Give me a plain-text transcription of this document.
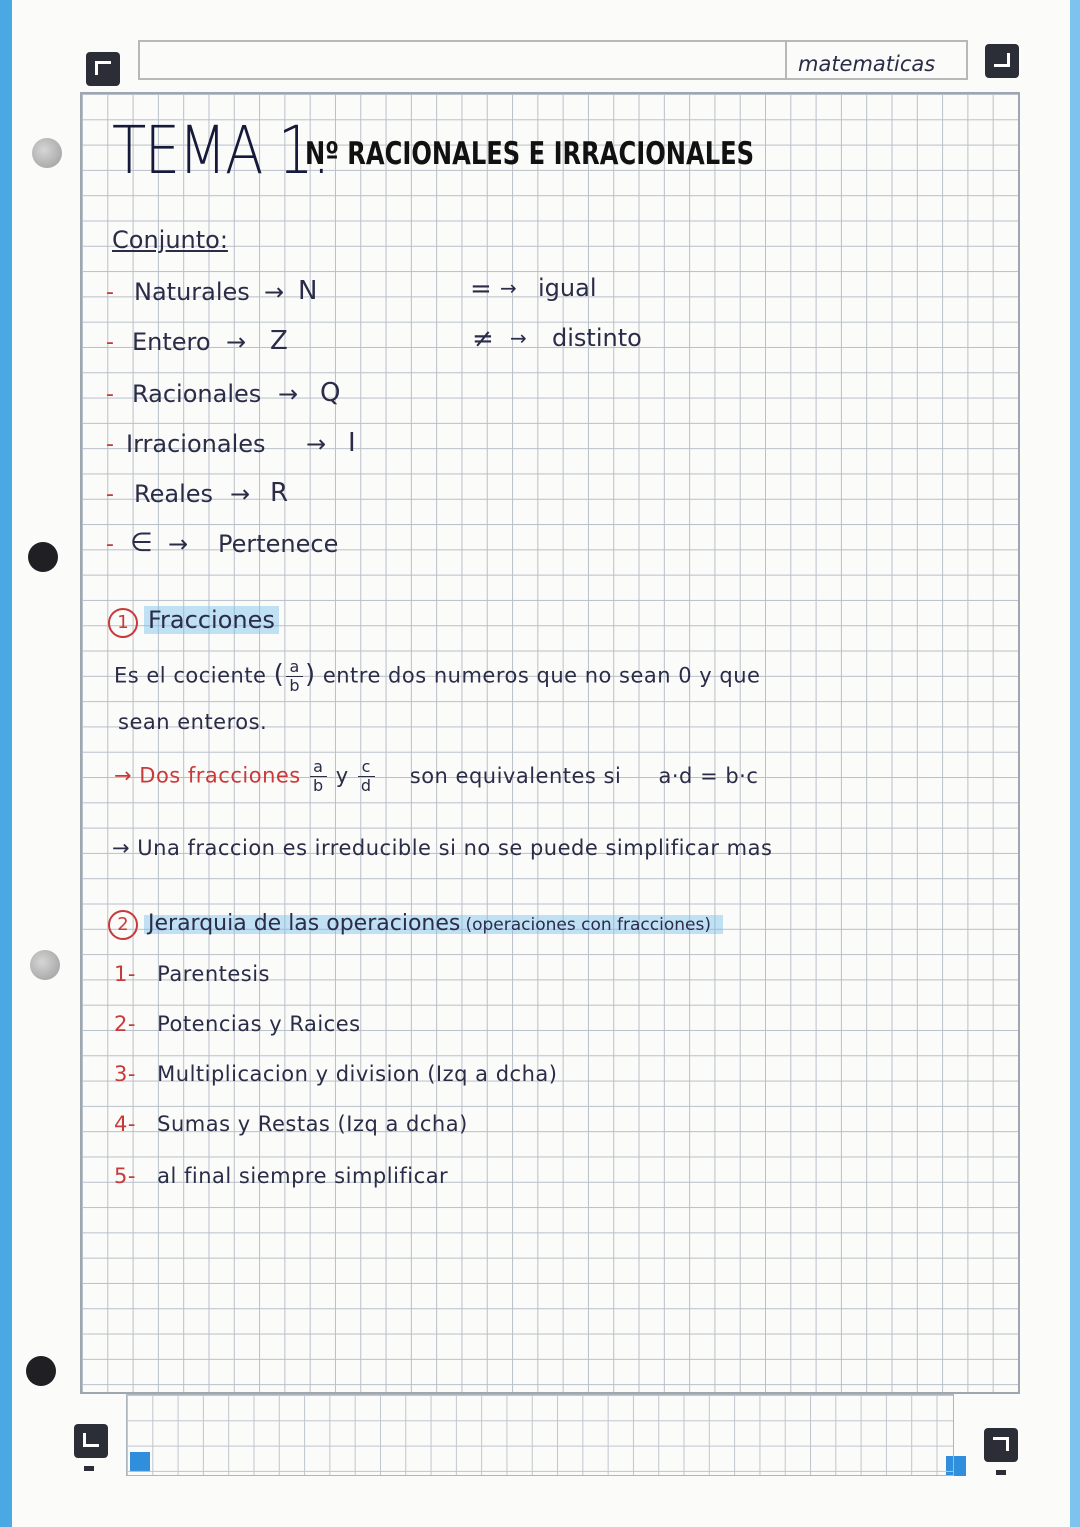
matematicas
TEMA 1:
Nº RACIONALES E IRRACIONALES
Conjunto:
- Naturales → N
- Entero → Z
- Racionales → Q
- Irracionales → I
- Reales → R
- ∈ → Pertenece
= → igual
≠ → distinto
1 Fracciones
Es el cociente ( $\frac{a}{b}$ ) entre dos numeros que no sean 0 y que
sean enteros.
→ Dos fracciones $\frac{a}{b}$ y $\frac{c}{d}$ son equivalentes si a·d = b·c
→ Una fraccion es irreducible si no se puede simplificar mas
2 Jerarquia de las operaciones (operaciones con fracciones)
1- Parentesis
2- Potencias y Raices
3- Multiplicacion y division (Izq a dcha)
4- Sumas y Restas (Izq a dcha)
5- al final siempre simplificar
